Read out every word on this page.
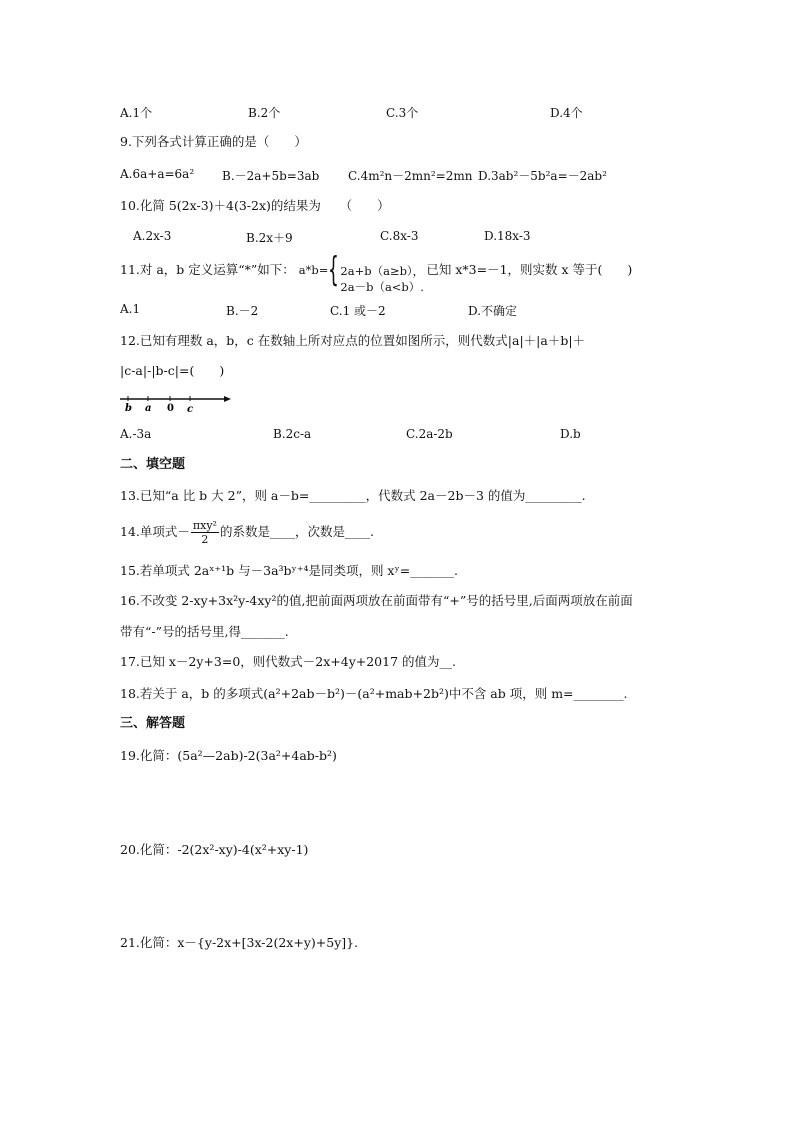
A.1个	B.2个	C.3个	D.4个
9.下列各式计算正确的是（　　）
A.6a+a=6a² B.－2a+5b=3ab C.4m²n－2mn²=2mn D.3ab²－5b²a=－2ab²
10.化简 5(2x-3)＋4(3-2x)的结果为　　（　　）
A.2x-3	B.2x＋9	C.8x-3	D.18x-3
11.对 a，b 定义运算“*”如下： a*b= { 2a+b（a≥b），
2a－b（a<b）.
已知 x*3=－1，则实数 x 等于(　　)
A.1	B.－2	C.1 或－2	D.不确定
12.已知有理数 a，b，c 在数轴上所对应点的位置如图所示，则代数式|a|＋|a＋b|＋
|c-a|-|b-c|=(　　)
b a 0 c
A.-3a	B.2c-a	C.2a-2b	D.b
二、填空题
13.已知“a 比 b 大 2”，则 a－b=_________，代数式 2a－2b－3 的值为_________.
14.单项式－ $\frac{\text{πxy²}}{2}$ 的系数是____，次数是____.
15.若单项式 2aˣ⁺¹b 与－3a³bʸ⁺⁴是同类项，则 xʸ=_______.
16.不改变 2-xy+3x²y-4xy²的值,把前面两项放在前面带有“+”号的括号里,后面两项放在前面
带有“-”号的括号里,得_______.
17.已知 x－2y+3=0，则代数式－2x+4y+2017 的值为__.
18.若关于 a，b 的多项式(a²+2ab－b²)－(a²+mab+2b²)中不含 ab 项，则 m=________.
三、解答题
19.化简：(5a²—2ab)-2(3a²+4ab-b²)
20.化简：-2(2x²-xy)-4(x²+xy-1)
21.化简：x－{y-2x+[3x-2(2x+y)+5y]}.
